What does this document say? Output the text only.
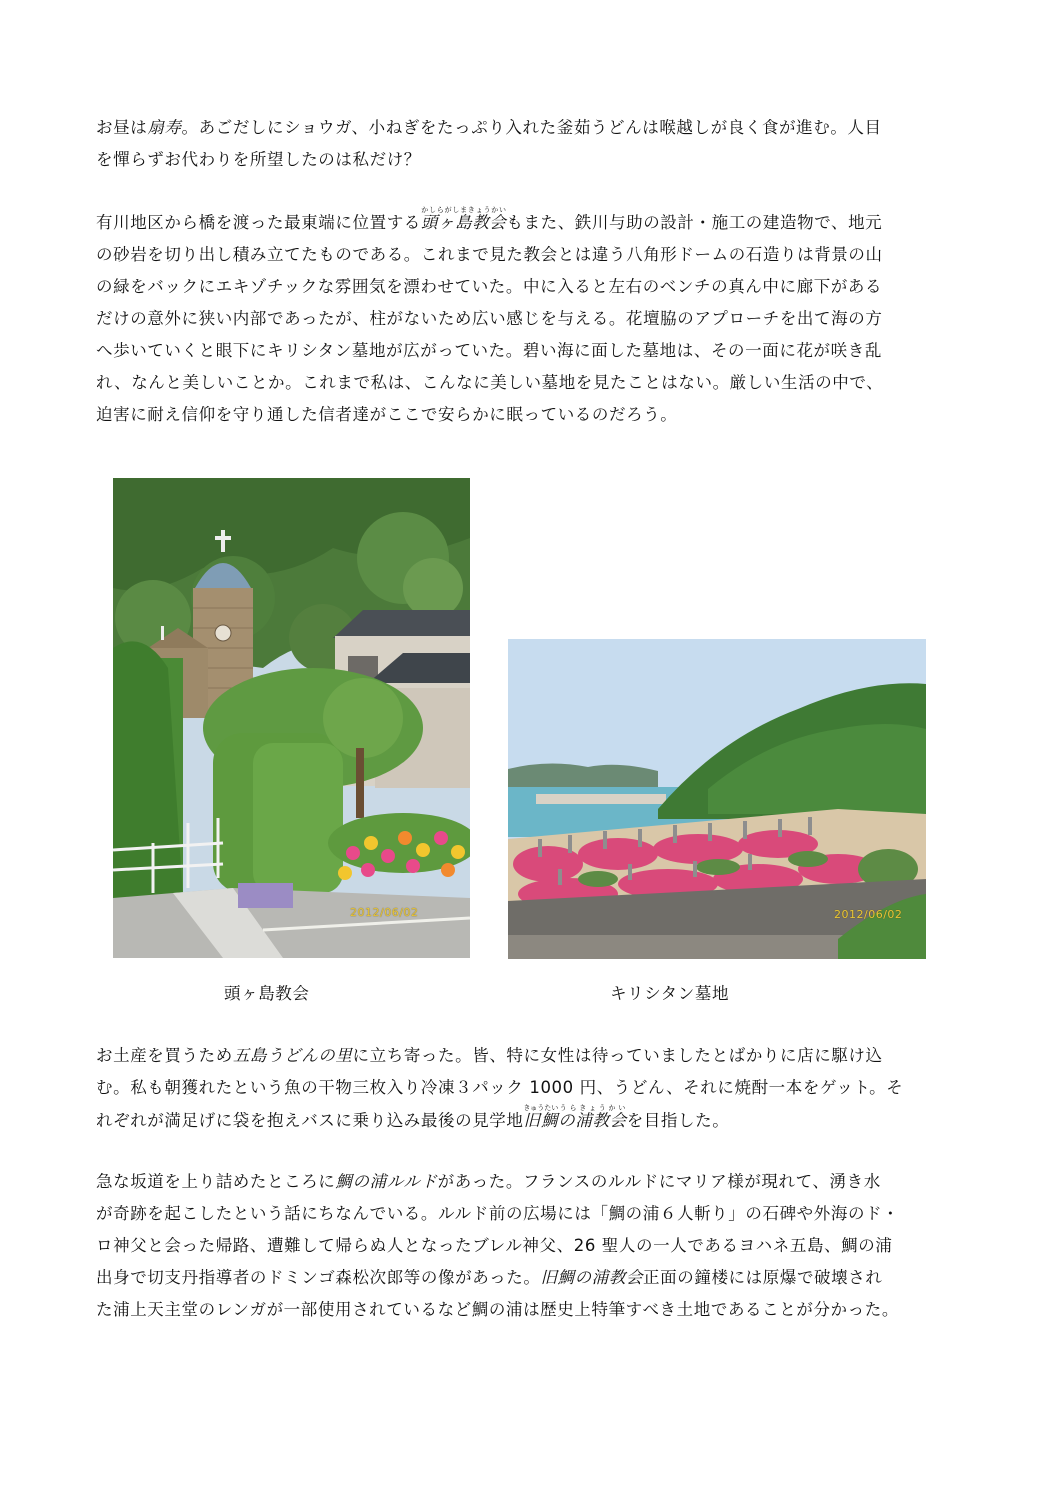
お昼は扇寿。あごだしにショウガ、小ねぎをたっぷり入れた釜茹うどんは喉越しが良く食が進む。人目
を憚らずお代わりを所望したのは私だけ？

有川地区から橋を渡った最東端に位置する頭ヶ島教会かしらがしまきょうかいもまた、鉄川与助の設計・施工の建造物で、地元
の砂岩を切り出し積み立てたものである。これまで見た教会とは違う八角形ドームの石造りは背景の山
の緑をバックにエキゾチックな雰囲気を漂わせていた。中に入ると左右のベンチの真ん中に廊下がある
だけの意外に狭い内部であったが、柱がないため広い感じを与える。花壇脇のアプローチを出て海の方
へ歩いていくと眼下にキリシタン墓地が広がっていた。碧い海に面した墓地は、その一面に花が咲き乱
れ、なんと美しいことか。これまで私は、こんなに美しい墓地を見たことはない。厳しい生活の中で、
迫害に耐え信仰を守り通した信者達がここで安らかに眠っているのだろう。

2012/06/02	2012/06/02
頭ヶ島教会	キリシタン墓地

お土産を買うため五島うどんの里に立ち寄った。皆、特に女性は待っていましたとばかりに店に駆け込
む。私も朝獲れたという魚の干物三枚入り冷凍３パック 1000 円、うどん、それに焼酎一本をゲット。そ
れぞれが満足げに袋を抱えバスに乗り込み最後の見学地旧鯛きゅうたいの浦教会うらきょうかいを目指した。

急な坂道を上り詰めたところに鯛の浦ルルドがあった。フランスのルルドにマリア様が現れて、湧き水
が奇跡を起こしたという話にちなんでいる。ルルド前の広場には「鯛の浦６人斬り」の石碑や外海のド・
ロ神父と会った帰路、遭難して帰らぬ人となったブレル神父、26 聖人の一人であるヨハネ五島、鯛の浦
出身で切支丹指導者のドミンゴ森松次郎等の像があった。旧鯛の浦教会正面の鐘楼には原爆で破壊され
た浦上天主堂のレンガが一部使用されているなど鯛の浦は歴史上特筆すべき土地であることが分かった。
